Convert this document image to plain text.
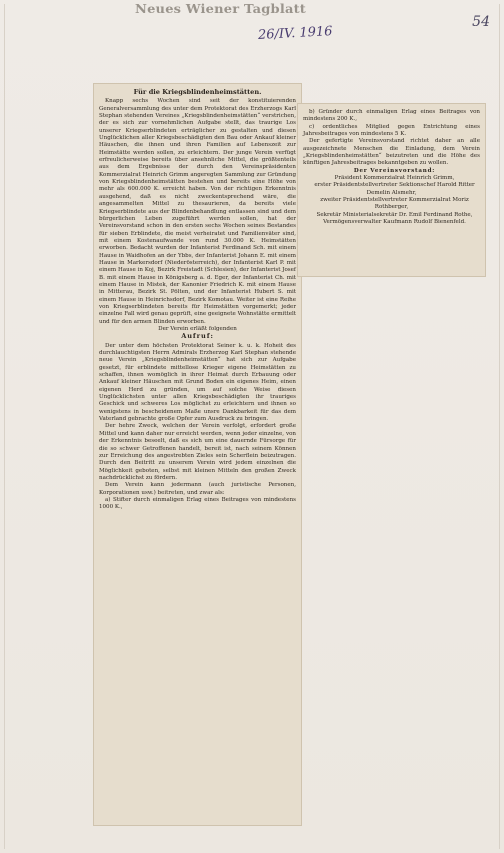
Neues Wiener Tagblatt
26/IV. 1916
54

Für die Kriegsblindenheimstätten.

Knapp sechs Wochen sind seit der konstituierenden Generalversammlung des unter dem Protektorat des Erzherzogs Karl Stephan stehenden Vereines „Kriegsblindenheimstätten“ verstrichen, der es sich zur vornehmlichen Aufgabe stellt, das traurige Los unserer Kriegserblindeten erträglicher zu gestalten und diesen Unglücklichen aller Kriegsbeschädigten den Bau oder Ankauf kleiner Häuschen, die ihnen und ihren Familien auf Lebenszeit zur Heimstätte werden sollen, zu erleichtern. Der junge Verein verfügt erfreulicherweise bereits über ansehnliche Mittel, die größtenteils aus dem Ergebnisse der durch den Vereinspräsidenten Kommerzialrat Heinrich Grimm angeregten Sammlung zur Gründung von Kriegsblindenheimstätten bestehen und bereits eine Höhe von mehr als 600.000 K. erreicht haben. Von der richtigen Erkenntnis ausgehend, daß es nicht zweckentsprechend wäre, die angesammelten Mittel zu thesaurieren, da bereits viele Kriegserblindete aus der Blindenbehandlung entlassen sind und dem bürgerlichen Leben zugeführt werden sollen, hat der Vereinsvorstand schon in den ersten sechs Wochen seines Bestandes für sieben Erblindete, die meist verheiratet und Familienväter sind, mit einem Kostenaufwande von rund 30.000 K. Heimstätten erworben. Bedacht wurden der Infanterist Ferdinand Sch. mit einem Hause in Waidhofen an der Ybbs, der Infanterist Johann E. mit einem Hause in Markersdorf (Niederösterreich), der Infanterist Karl P. mit einem Hause in Koj, Bezirk Freistadt (Schlesien), der Infanterist Josef B. mit einem Hause in Königsberg a. d. Eger, der Infanterist Ch. mit einem Hause in Mistek, der Kanonier Friedrich K. mit einem Hause in Mitterau, Bezirk St. Pölten, und der Infanterist Hubert S. mit einem Hause in Heinrichsdorf, Bezirk Komotau. Weiter ist eine Reihe von Kriegserblindeten bereits für Heimstätten vorgemerkt; jeder einzelne Fall wird genau geprüft, eine geeignete Wohnstätte ermittelt und für den armen Blinden erworben.

Der Verein erläßt folgenden

Aufruf:

Der unter dem höchsten Protektorat Seiner k. u. k. Hoheit des durchlauchtigsten Herrn Admirals Erzherzog Karl Stephan stehende neue Verein „Kriegsblindenheimstätten“ hat sich zur Aufgabe gesetzt, für erblindete mittellose Krieger eigene Heimstätten zu schaffen, ihnen womöglich in ihrer Heimat durch Erbauung oder Ankauf kleiner Häuschen mit Grund Boden ein eigenes Heim, einen eigenen Herd zu gründen, um auf solche Weise diesen Unglücklichsten unter allen Kriegsbeschädigten ihr trauriges Geschick und schweres Los möglichst zu erleichtern und ihnen so wenigstens in bescheidenem Maße unsre Dankbarkeit für das dem Vaterland gebrachte große Opfer zum Ausdruck zu bringen.

Der hehre Zweck, welchen der Verein verfolgt, erfordert große Mittel und kann daher nur erreicht werden, wenn jeder einzelne, von der Erkenntnis beseelt, daß es sich um eine dauernde Fürsorge für die so schwer Getroffenen handelt, bereit ist, nach seinem Können zur Erreichung des angestrebten Zieles sein Scherflein beizutragen. Durch den Beitritt zu unserem Verein wird jedem einzelnen die Möglichkeit geboten, selbst mit kleinen Mitteln den großen Zweck nachdrücklichst zu fördern.

Dem Verein kann jedermann (auch juristische Personen, Korporationen usw.) beitreten, und zwar als:

a) Stifter durch einmaligen Erlag eines Beitrages von mindestens 1000 K.,

b) Gründer durch einmaligen Erlag eines Beitrages von mindestens 200 K.,

c) ordentliches Mitglied gegen Entrichtung eines Jahresbeitrages von mindestens 5 K.

Der gefertigte Vereinsvorstand richtet daher an alle ausgezeichnete Menschen die Einladung, dem Verein „Kriegsblindenheimstätten“ beizutreten und die Höhe des künftigen Jahresbeitrages bekanntgeben zu wollen.

Der Vereinsvorstand:

Präsident Kommerzialrat Heinrich Grimm,

erster Präsidentstellvertreter Sektionschef Harold Ritter Demelin Alsmehr,

zweiter Präsidentstellvertreter Kommerzialrat Moriz Rothberger,

Sekretär Ministerialsekretär Dr. Emil Ferdinand Rothe,

Vermögensverwalter Kaufmann Rudolf Bienenfeld.
